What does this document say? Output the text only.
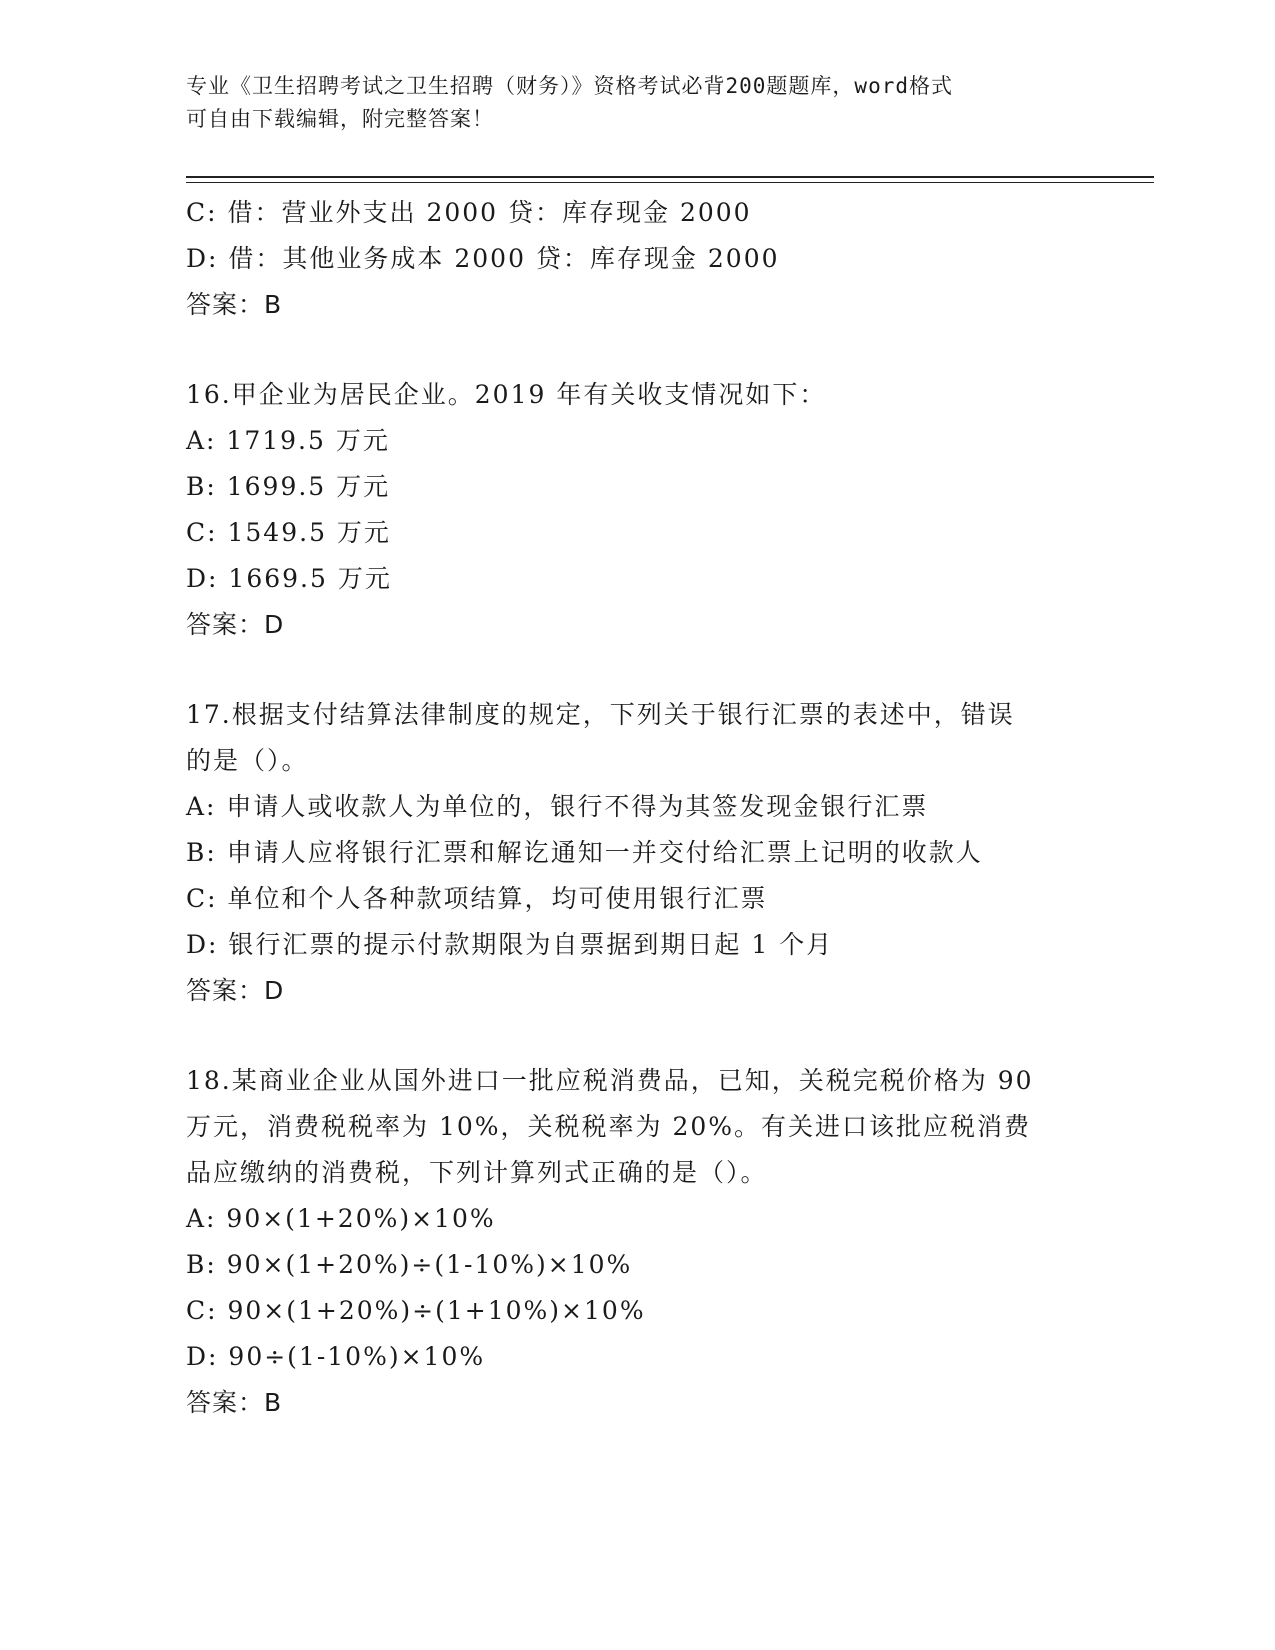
专业《卫生招聘考试之卫生招聘（财务）》资格考试必背200题题库，word格式
可自由下载编辑，附完整答案！

C: 借：营业外支出 2000 贷：库存现金 2000
D: 借：其他业务成本 2000 贷：库存现金 2000
答案：B
16.甲企业为居民企业。2019 年有关收支情况如下：
A: 1719.5 万元
B: 1699.5 万元
C: 1549.5 万元
D: 1669.5 万元
答案：D
17.根据支付结算法律制度的规定，下列关于银行汇票的表述中，错误
的是（）。
A: 申请人或收款人为单位的，银行不得为其签发现金银行汇票
B: 申请人应将银行汇票和解讫通知一并交付给汇票上记明的收款人
C: 单位和个人各种款项结算，均可使用银行汇票
D: 银行汇票的提示付款期限为自票据到期日起 1 个月
答案：D
18.某商业企业从国外进口一批应税消费品，已知，关税完税价格为 90
万元，消费税税率为 10%，关税税率为 20%。有关进口该批应税消费
品应缴纳的消费税，下列计算列式正确的是（）。
A: 90×(1+20%)×10%
B: 90×(1+20%)÷(1-10%)×10%
C: 90×(1+20%)÷(1+10%)×10%
D: 90÷(1-10%)×10%
答案：B
